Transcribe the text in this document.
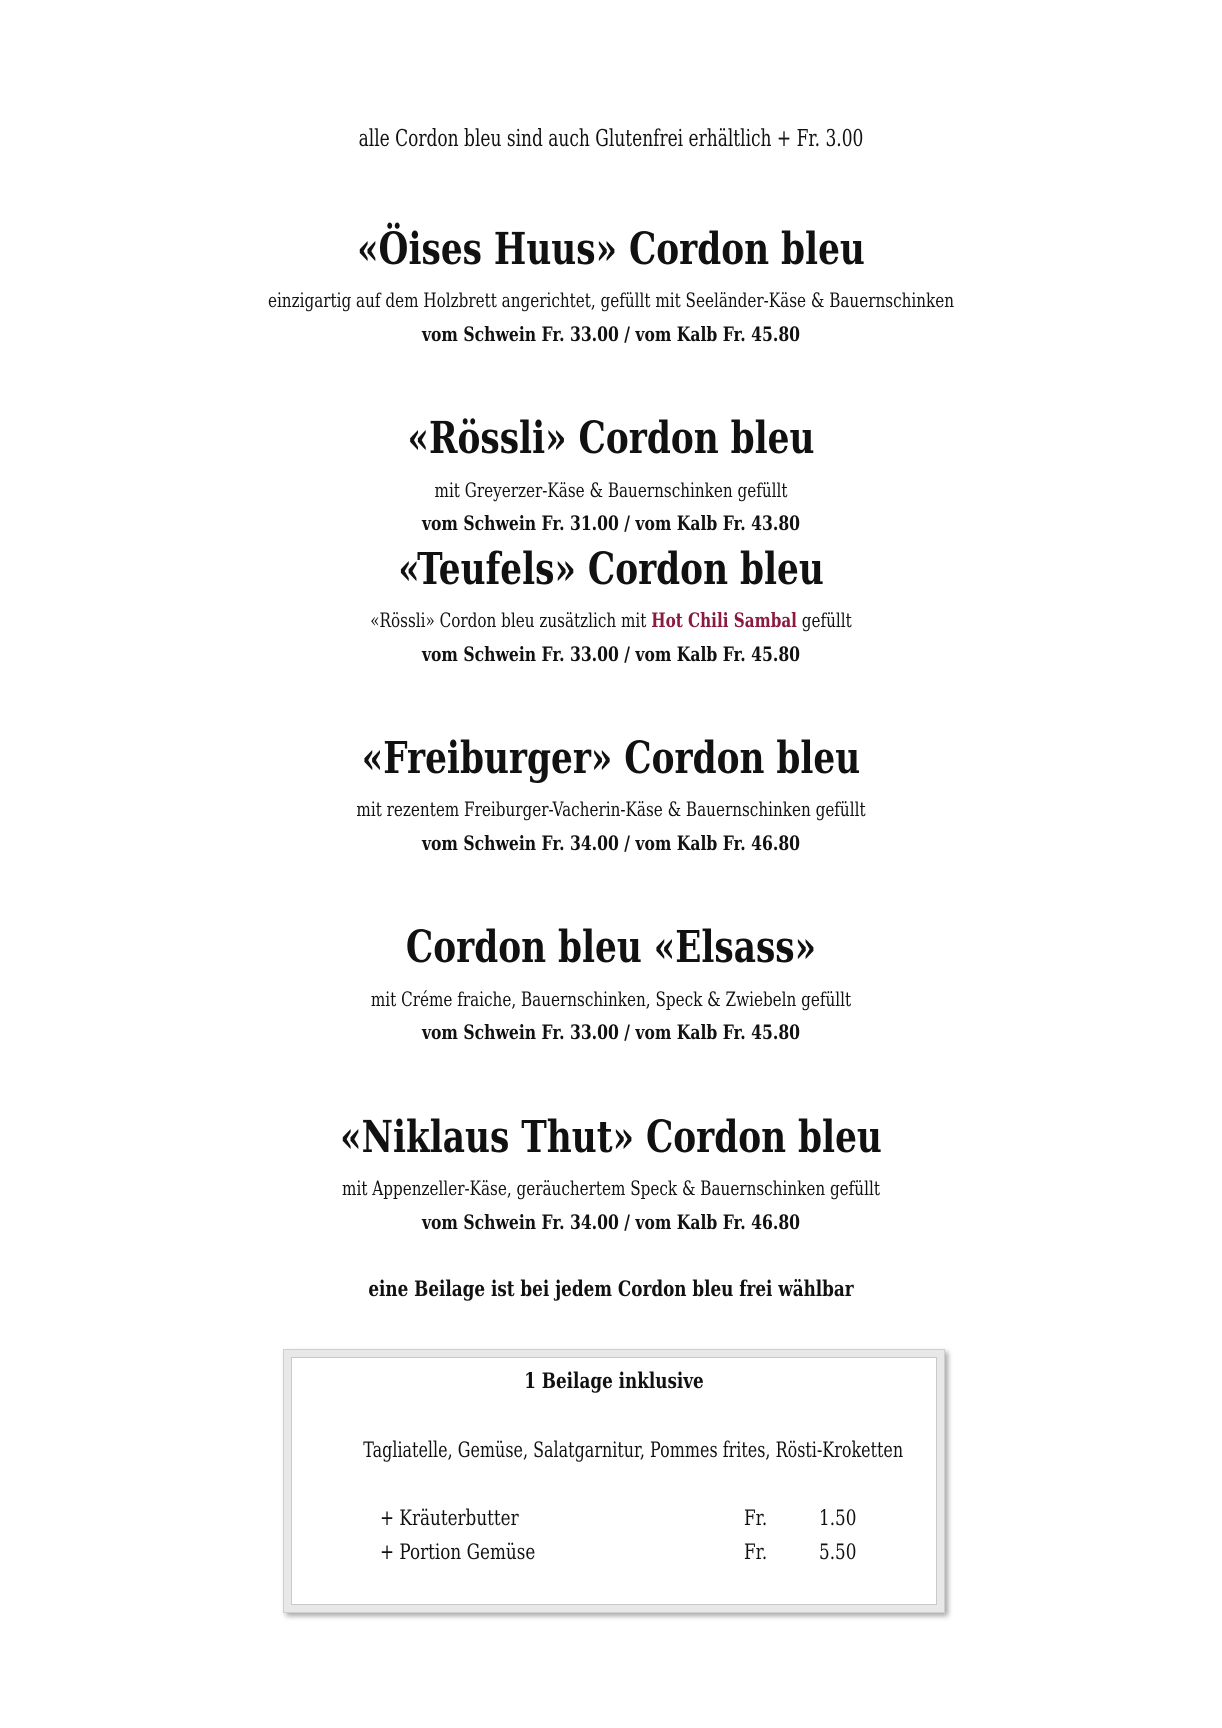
alle Cordon bleu sind auch Glutenfrei erhältlich + Fr. 3.00
«Öises Huus» Cordon bleu
einzigartig auf dem Holzbrett angerichtet, gefüllt mit Seeländer-Käse & Bauernschinken
vom Schwein Fr. 33.00 / vom Kalb Fr. 45.80
«Rössli» Cordon bleu
mit Greyerzer-Käse & Bauernschinken gefüllt
vom Schwein Fr. 31.00 / vom Kalb Fr. 43.80
«Teufels» Cordon bleu
«Rössli» Cordon bleu zusätzlich mit Hot Chili Sambal gefüllt
vom Schwein Fr. 33.00 / vom Kalb Fr. 45.80
«Freiburger» Cordon bleu
mit rezentem Freiburger-Vacherin-Käse & Bauernschinken gefüllt
vom Schwein Fr. 34.00 / vom Kalb Fr. 46.80
Cordon bleu «Elsass»
mit Créme fraiche, Bauernschinken, Speck & Zwiebeln gefüllt
vom Schwein Fr. 33.00 / vom Kalb Fr. 45.80
«Niklaus Thut» Cordon bleu
mit Appenzeller-Käse, geräuchertem Speck & Bauernschinken gefüllt
vom Schwein Fr. 34.00 / vom Kalb Fr. 46.80
eine Beilage ist bei jedem Cordon bleu frei wählbar
1 Beilage inklusive
Tagliatelle, Gemüse, Salatgarnitur, Pommes frites, Rösti-Kroketten
+ Kräuterbutter	Fr. 1.50
+ Portion Gemüse	Fr. 5.50
